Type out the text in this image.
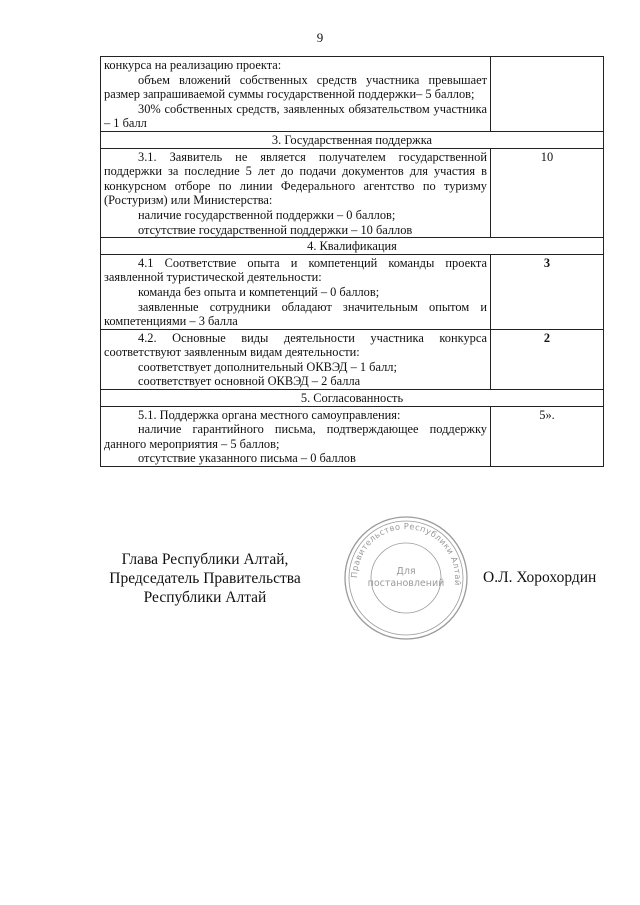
9
конкурса на реализацию проекта:
объем вложений собственных средств участника превышает размер запрашиваемой суммы государственной поддержки– 5 баллов;
30% собственных средств, заявленных обязательством участника – 1 балл	

3. Государственная поддержка	

3.1. Заявитель не является получателем государственной поддержки за последние 5 лет до подачи документов для участия в конкурсном отборе по линии Федерального агентство по туризму (Ростуризм) или Министерства:
наличие государственной поддержки – 0 баллов;
отсутствие государственной поддержки – 10 баллов	10
4. Квалификация	

4.1 Соответствие опыта и компетенций команды проекта заявленной туристической деятельности:
команда без опыта и компетенций – 0 баллов;
заявленные сотрудники обладают значительным опытом и компетенциями – 3 балла	3

4.2. Основные виды деятельности участника конкурса соответствуют заявленным видам деятельности:
соответствует дополнительный ОКВЭД – 1 балл;
соответствует основной ОКВЭД – 2 балла	2
5. Согласованность	

5.1. Поддержка органа местного самоуправления:
наличие гарантийного письма, подтверждающее поддержку данного мероприятия – 5 баллов;
отсутствие указанного письма – 0 баллов	5».
Глава Республики Алтай,
Председатель Правительства
Республики Алтай
Правительство Республики Алтай
Для
постановлений О.Л. Хорохордин
